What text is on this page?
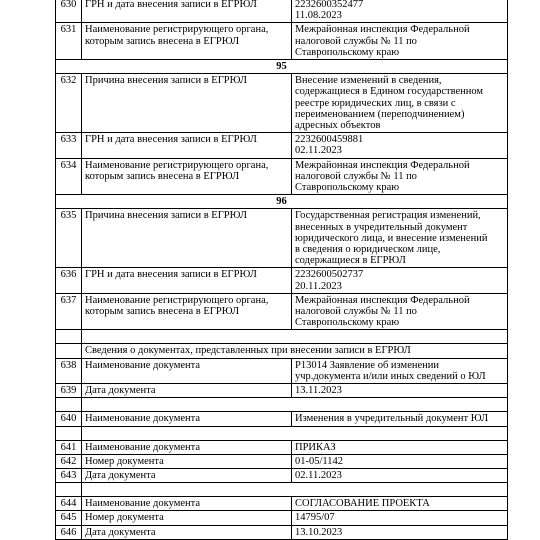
630	ГРН и дата внесения записи в ЕГРЮЛ	2232600352477
11.08.2023

631	Наименование регистрирующего органа,
которым запись внесена в ЕГРЮЛ	Межрайонная инспекция Федеральной
налоговой службы № 11 по
Ставропольскому краю

95		
632	Причина внесения записи в ЕГРЮЛ	Внесение изменений в сведения,
содержащиеся в Едином государственном
реестре юридических лиц, в связи с
переименованием (переподчинением)
адресных объектов

633	ГРН и дата внесения записи в ЕГРЮЛ	2232600459881
02.11.2023

634	Наименование регистрирующего органа,
которым запись внесена в ЕГРЮЛ	Межрайонная инспекция Федеральной
налоговой службы № 11 по
Ставропольскому краю

96		
635	Причина внесения записи в ЕГРЮЛ	Государственная регистрация изменений,
внесенных в учредительный документ
юридического лица, и внесение изменений
в сведения о юридическом лице,
содержащиеся в ЕГРЮЛ

636	ГРН и дата внесения записи в ЕГРЮЛ	2232600502737
20.11.2023

637	Наименование регистрирующего органа,
которым запись внесена в ЕГРЮЛ	Межрайонная инспекция Федеральной
налоговой службы № 11 по
Ставропольскому краю

	Сведения о документах, представленных при внесении записи в ЕГРЮЛ	
638	Наименование документа	Р13014 Заявление об изменении
учр.документа и/или иных сведений о ЮЛ

639	Дата документа	13.11.2023

640	Наименование документа	Изменения в учредительный документ ЮЛ

641	Наименование документа	ПРИКАЗ

642	Номер документа	01-05/1142

643	Дата документа	02.11.2023

644	Наименование документа	СОГЛАСОВАНИЕ ПРОЕКТА

645	Номер документа	14795/07

646	Дата документа	13.10.2023
